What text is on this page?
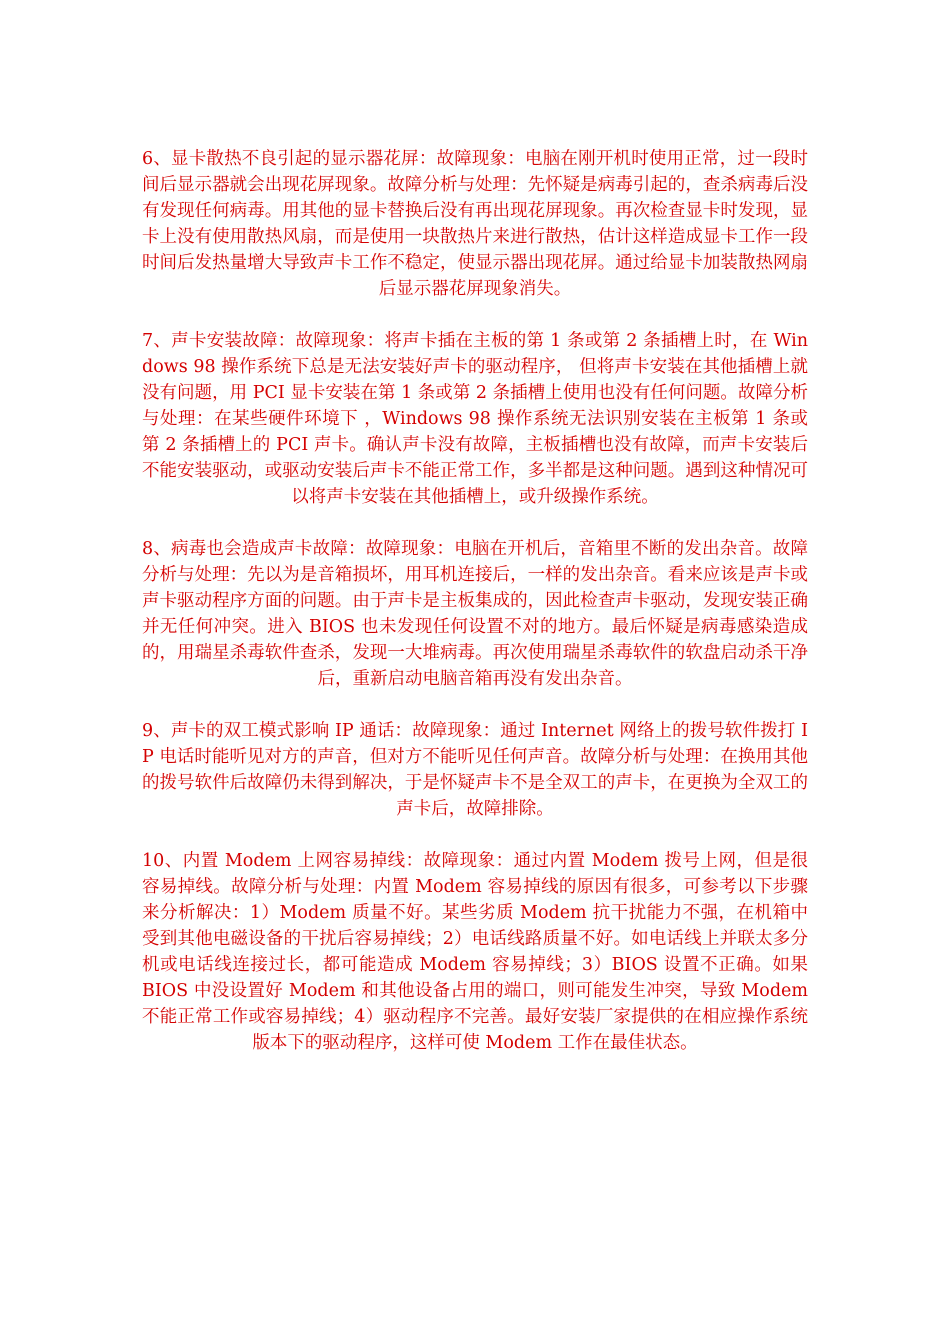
6、显卡散热不良引起的显示器花屏：故障现象：电脑在刚开机时使用正常，过一段时间后显示器就会出现花屏现象。故障分析与处理：先怀疑是病毒引起的，查杀病毒后没有发现任何病毒。用其他的显卡替换后没有再出现花屏现象。再次检查显卡时发现，显卡上没有使用散热风扇，而是使用一块散热片来进行散热，估计这样造成显卡工作一段时间后发热量增大导致声卡工作不稳定，使显示器出现花屏。通过给显卡加装散热网扇后显示器花屏现象消失。

7、声卡安装故障：故障现象：将声卡插在主板的第 1 条或第 2 条插槽上时，在 Windows 98 操作系统下总是无法安装好声卡的驱动程序， 但将声卡安装在其他插槽上就没有问题，用 PCI 显卡安装在第 1 条或第 2 条插槽上使用也没有任何问题。故障分析与处理：在某些硬件环境下 ，Windows 98 操作系统无法识别安装在主板第 1 条或第 2 条插槽上的 PCI 声卡。确认声卡没有故障，主板插槽也没有故障，而声卡安装后不能安装驱动，或驱动安装后声卡不能正常工作，多半都是这种问题。遇到这种情况可以将声卡安装在其他插槽上，或升级操作系统。

8、病毒也会造成声卡故障：故障现象：电脑在开机后，音箱里不断的发出杂音。故障分析与处理：先以为是音箱损坏，用耳机连接后，一样的发出杂音。看来应该是声卡或声卡驱动程序方面的问题。由于声卡是主板集成的，因此检查声卡驱动，发现安装正确并无任何冲突。进入 BIOS 也未发现任何设置不对的地方。最后怀疑是病毒感染造成的，用瑞星杀毒软件查杀，发现一大堆病毒。再次使用瑞星杀毒软件的软盘启动杀干净后，重新启动电脑音箱再没有发出杂音。

9、声卡的双工模式影响 IP 通话：故障现象：通过 Internet 网络上的拨号软件拨打 IP 电话时能听见对方的声音，但对方不能听见任何声音。故障分析与处理：在换用其他的拨号软件后故障仍未得到解决，于是怀疑声卡不是全双工的声卡，在更换为全双工的声卡后，故障排除。

10、内置 Modem 上网容易掉线：故障现象：通过内置 Modem 拨号上网，但是很容易掉线。故障分析与处理：内置 Modem 容易掉线的原因有很多，可参考以下步骤来分析解决：1）Modem 质量不好。某些劣质 Modem 抗干扰能力不强，在机箱中受到其他电磁设备的干扰后容易掉线；2）电话线路质量不好。如电话线上并联太多分机或电话线连接过长，都可能造成 Modem 容易掉线；3）BIOS 设置不正确。如果 BIOS 中没设置好 Modem 和其他设备占用的端口，则可能发生冲突，导致 Modem 不能正常工作或容易掉线；4）驱动程序不完善。最好安装厂家提供的在相应操作系统版本下的驱动程序，这样可使 Modem 工作在最佳状态。
